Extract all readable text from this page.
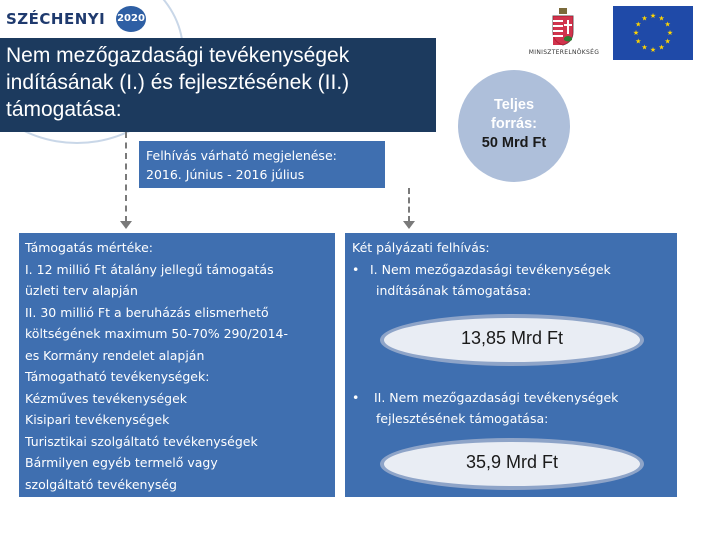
SZÉCHENYI 2020
MINISZTERELNÖKSÉG
★ ★
★
★
★
★
★
★
★
★
★
★
Nem mezőgazdasági tevékenységek
indításának (I.) és fejlesztésének (II.)
támogatása:
Felhívás várható megjelenése:
2016. Június - 2016 július
Teljes
forrás:
50 Mrd Ft
Támogatás mértéke:
I. 12 millió Ft átalány jellegű támogatás
üzleti terv alapján
II. 30 millió Ft a beruházás elismerhető
költségének maximum 50-70% 290/2014-
es Kormány rendelet alapján
Támogatható tevékenységek:
Kézműves tevékenységek
Kisipari tevékenységek
Turisztikai szolgáltató tevékenységek
Bármilyen egyéb termelő vagy
szolgáltató tevékenység
Két pályázati felhívás:
• I. Nem mezőgazdasági tevékenységek
indításának támogatása:
13,85 Mrd Ft
• II. Nem mezőgazdasági tevékenységek
fejlesztésének támogatása:
35,9 Mrd Ft
